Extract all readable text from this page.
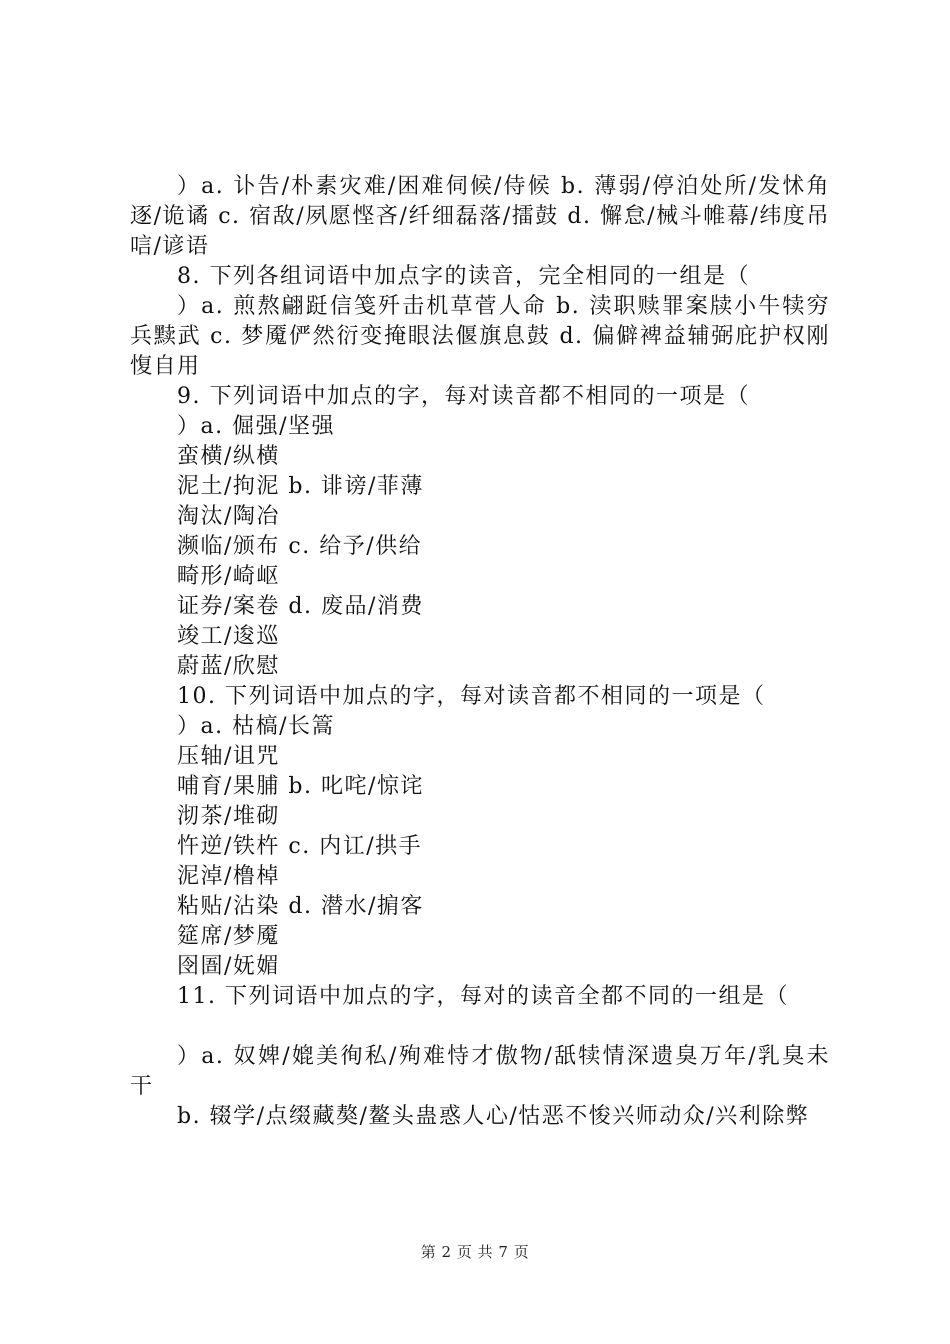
）a. 讣告/朴素灾难/困难伺候/侍候 b. 薄弱/停泊处所/发怵角逐/诡谲 c. 宿敌/夙愿悭吝/纤细磊落/擂鼓 d. 懈怠/械斗帷幕/纬度吊唁/谚语
8. 下列各组词语中加点字的读音，完全相同的一组是（
）a. 煎熬翩跹信笺歼击机草菅人命 b. 渎职赎罪案牍小牛犊穷兵黩武 c. 梦魇俨然衍变掩眼法偃旗息鼓 d. 偏僻裨益辅弼庇护权刚愎自用
9. 下列词语中加点的字，每对读音都不相同的一项是（
）a. 倔强/坚强
蛮横/纵横
泥土/拘泥 b. 诽谤/菲薄
淘汰/陶冶
濒临/颁布 c. 给予/供给
畸形/崎岖
证券/案卷 d. 废品/消费
竣工/逡巡
蔚蓝/欣慰
10. 下列词语中加点的字，每对读音都不相同的一项是（
）a. 枯槁/长篙
压轴/诅咒
哺育/果脯 b. 叱咤/惊诧
沏茶/堆砌
忤逆/铁杵 c. 内讧/拱手
泥淖/橹棹
粘贴/沾染 d. 潜水/掮客
筵席/梦魇
囹圄/妩媚
11. 下列词语中加点的字，每对的读音全都不同的一组是（
）a. 奴婢/媲美徇私/殉难恃才傲物/舐犊情深遗臭万年/乳臭未干
b. 辍学/点缀藏獒/鳌头蛊惑人心/怙恶不悛兴师动众/兴利除弊
第 2 页 共 7 页
